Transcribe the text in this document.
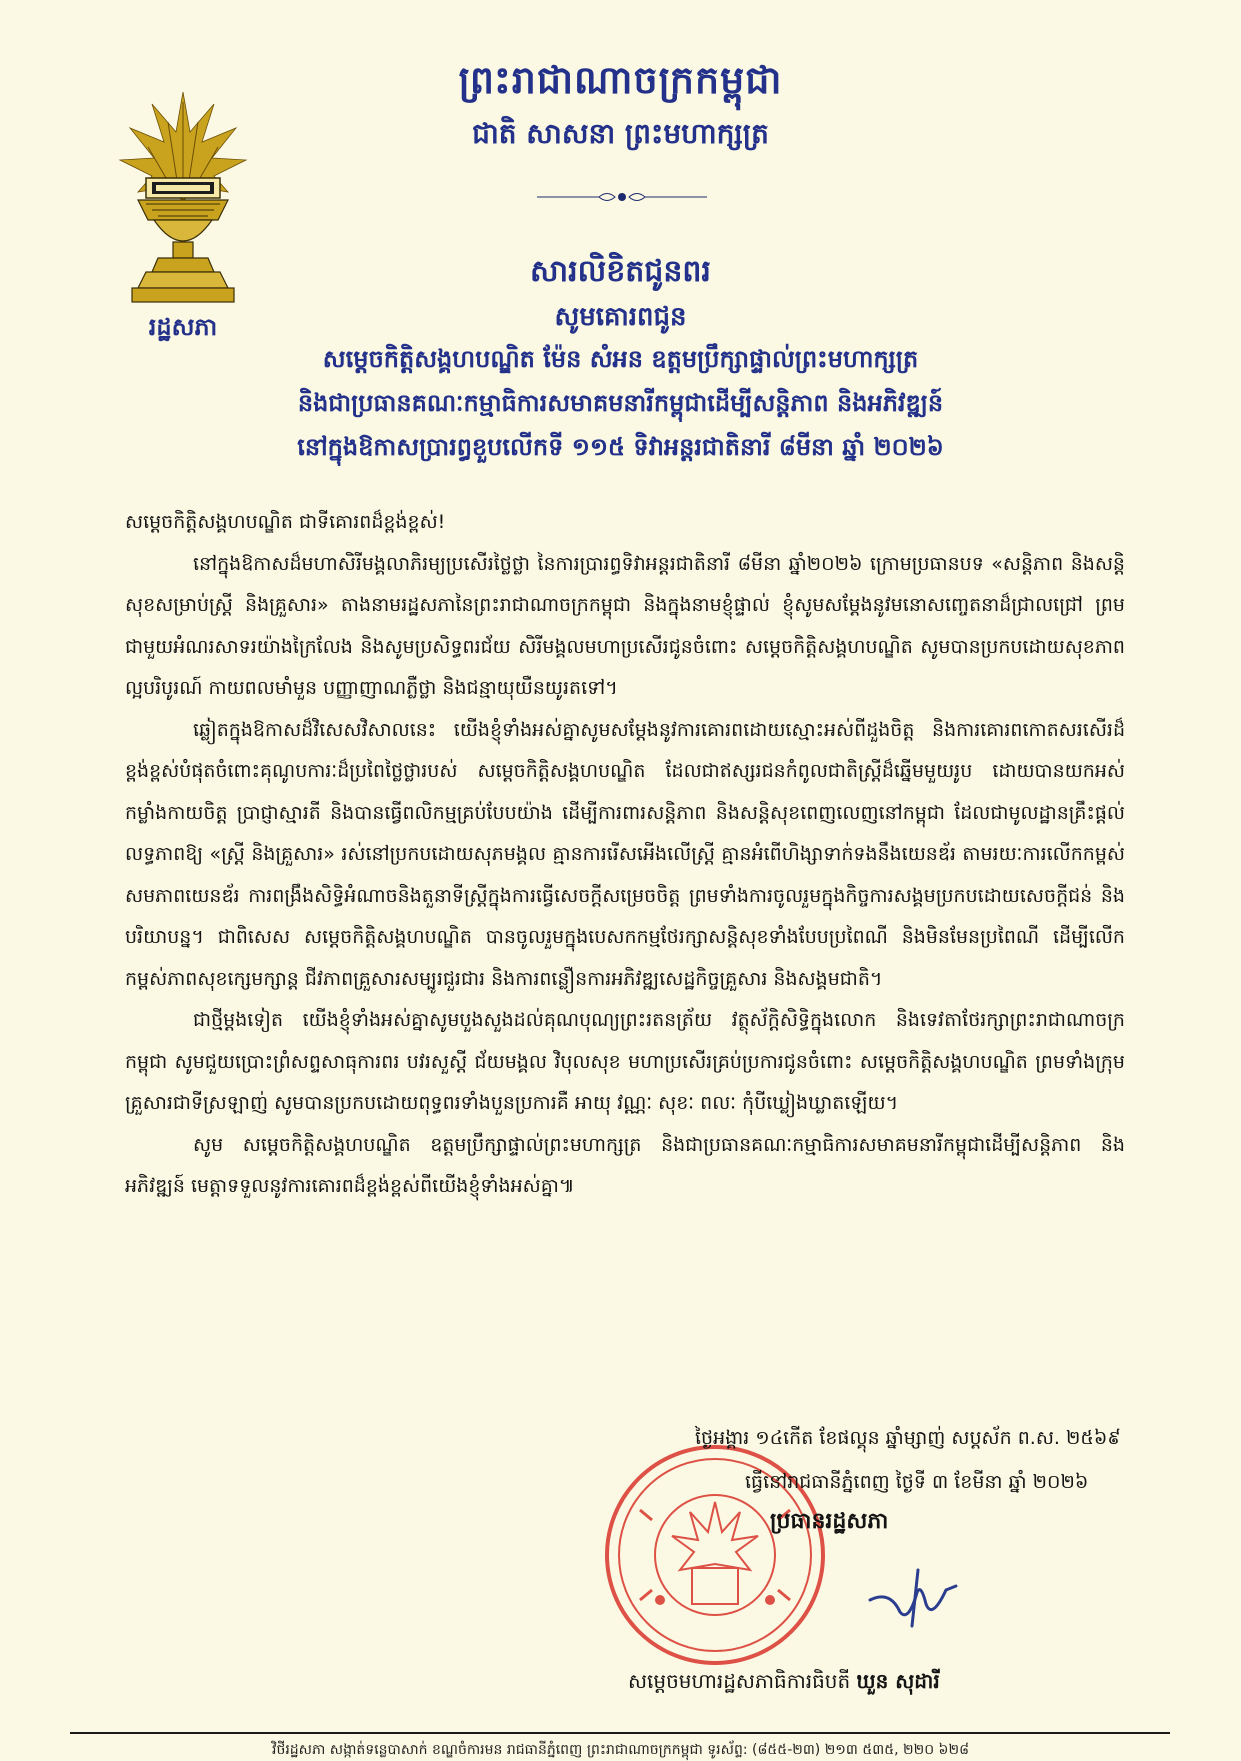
រដ្ឋសភា
ព្រះរាជាណាចក្រកម្ពុជា
ជាតិ សាសនា ព្រះមហាក្សត្រ
សារលិខិតជូនពរ
សូមគោរពជូន
សម្តេចកិត្តិសង្គហបណ្ឌិត ម៉ែន សំអន ឧត្តមប្រឹក្សាផ្ទាល់ព្រះមហាក្សត្រ
និងជាប្រធានគណៈកម្មាធិការសមាគមនារីកម្ពុជាដើម្បីសន្តិភាព និងអភិវឌ្ឍន៍
នៅក្នុងឱកាសប្រារព្ធខួបលើកទី ១១៥ ទិវាអន្តរជាតិនារី ៨មីនា ឆ្នាំ ២០២៦

សម្តេចកិត្តិសង្គហបណ្ឌិត ជាទីគោរពដ៏ខ្ពង់ខ្ពស់!

នៅក្នុងឱកាសដ៏មហាសិរីមង្គលាភិរម្យប្រសើរថ្លៃថ្លា នៃការប្រារព្ធទិវាអន្តរជាតិនារី ៨មីនា ឆ្នាំ២០២៦ ក្រោមប្រធានបទ «សន្តិភាព និងសន្តិសុខសម្រាប់ស្ត្រី និងគ្រួសារ» តាងនាមរដ្ឋសភានៃព្រះរាជាណាចក្រកម្ពុជា និងក្នុងនាមខ្ញុំផ្ទាល់ ខ្ញុំសូមសម្តែងនូវមនោសញ្ចេតនាដ៏ជ្រាលជ្រៅ ព្រមជាមួយអំណរសាទរយ៉ាងក្រៃលែង និងសូមប្រសិទ្ធពរជ័យ សិរីមង្គលមហាប្រសើរជូនចំពោះ សម្តេចកិត្តិសង្គហបណ្ឌិត សូមបានប្រកបដោយសុខភាពល្អបរិបូរណ៍ កាយពលមាំមួន បញ្ញាញាណភ្លឺថ្លា និងជន្មាយុយឺនយូរតទៅ។

ឆ្លៀតក្នុងឱកាសដ៏វិសេសវិសាលនេះ យើងខ្ញុំទាំងអស់គ្នាសូមសម្តែងនូវការគោរពដោយស្មោះអស់ពីដួងចិត្ត និងការគោរពកោតសរសើរដ៏ខ្ពង់ខ្ពស់បំផុតចំពោះគុណូបការៈដ៏ប្រពៃថ្លៃថ្លារបស់ សម្តេចកិត្តិសង្គហបណ្ឌិត ដែលជាឥស្សរជនកំពូលជាតិស្ត្រីដ៏ឆ្នើមមួយរូប ដោយបានយកអស់កម្លាំងកាយចិត្ត ប្រាជ្ញាស្មារតី និងបានធ្វើពលិកម្មគ្រប់បែបយ៉ាង ដើម្បីការពារសន្តិភាព និងសន្តិសុខពេញលេញនៅកម្ពុជា ដែលជាមូលដ្ឋានគ្រឹះផ្តល់លទ្ធភាពឱ្យ «ស្ត្រី និងគ្រួសារ» រស់នៅប្រកបដោយសុភមង្គល គ្មានការរើសអើងលើស្ត្រី គ្មានអំពើហិង្សាទាក់ទងនឹងយេនឌ័រ តាមរយៈការលើកកម្ពស់សមភាពយេនឌ័រ ការពង្រឹងសិទ្ធិអំណាចនិងតួនាទីស្ត្រីក្នុងការធ្វើសេចក្តីសម្រេចចិត្ត ព្រមទាំងការចូលរួមក្នុងកិច្ចការសង្គមប្រកបដោយសេចក្តីជន់ និងបរិយាបន្ន។ ជាពិសេស សម្តេចកិត្តិសង្គហបណ្ឌិត បានចូលរួមក្នុងបេសកកម្មថែរក្សាសន្តិសុខទាំងបែបប្រពៃណី និងមិនមែនប្រពៃណី ដើម្បីលើកកម្ពស់ភាពសុខក្សេមក្សាន្ត ជីវភាពគ្រួសារសម្បូរជួរជារ និងការពន្លឿនការអភិវឌ្ឍសេដ្ឋកិច្ចគ្រួសារ និងសង្គមជាតិ។

ជាថ្មីម្តងទៀត យើងខ្ញុំទាំងអស់គ្នាសូមបួងសួងដល់គុណបុណ្យព្រះរតនត្រ័យ វត្ថុស័ក្តិសិទ្ធិក្នុងលោក និងទេវតាថែរក្សាព្រះរាជាណាចក្រកម្ពុជា សូមជួយប្រោះព្រំសព្ទសាធុការពរ បវរសួស្តី ជ័យមង្គល វិបុលសុខ មហាប្រសើរគ្រប់ប្រការជូនចំពោះ សម្តេចកិត្តិសង្គហបណ្ឌិត ព្រមទាំងក្រុមគ្រួសារជាទីស្រឡាញ់ សូមបានប្រកបដោយពុទ្ធពរទាំងបួនប្រការគឺ អាយុ វណ្ណៈ សុខៈ ពលៈ កុំបីឃ្លៀងឃ្លាតឡើយ។

សូម សម្តេចកិត្តិសង្គហបណ្ឌិត ឧត្តមប្រឹក្សាផ្ទាល់ព្រះមហាក្សត្រ និងជាប្រធានគណៈកម្មាធិការសមាគមនារីកម្ពុជាដើម្បីសន្តិភាព និងអភិវឌ្ឍន៍ មេត្តាទទួលនូវការគោរពដ៏ខ្ពង់ខ្ពស់ពីយើងខ្ញុំទាំងអស់គ្នា៕

ថ្ងៃអង្គារ ១៤កើត ខែផល្គុន ឆ្នាំម្សាញ់ សប្តស័ក ព.ស. ២៥៦៩
ធ្វើនៅរាជធានីភ្នំពេញ ថ្ងៃទី ៣ ខែមីនា ឆ្នាំ ២០២៦
ប្រធានរដ្ឋសភា
សម្តេចមហារដ្ឋសភាធិការធិបតី ឃួន សុដារី
វិថីរដ្ឋសភា សង្កាត់ទន្លេបាសាក់ ខណ្ឌចំការមន រាជធានីភ្នំពេញ ព្រះរាជាណាចក្រកម្ពុជា ទូរស័ព្ទ: (៨៥៥-២៣) ២១៣ ៥៣៥, ២២០ ៦២៨
